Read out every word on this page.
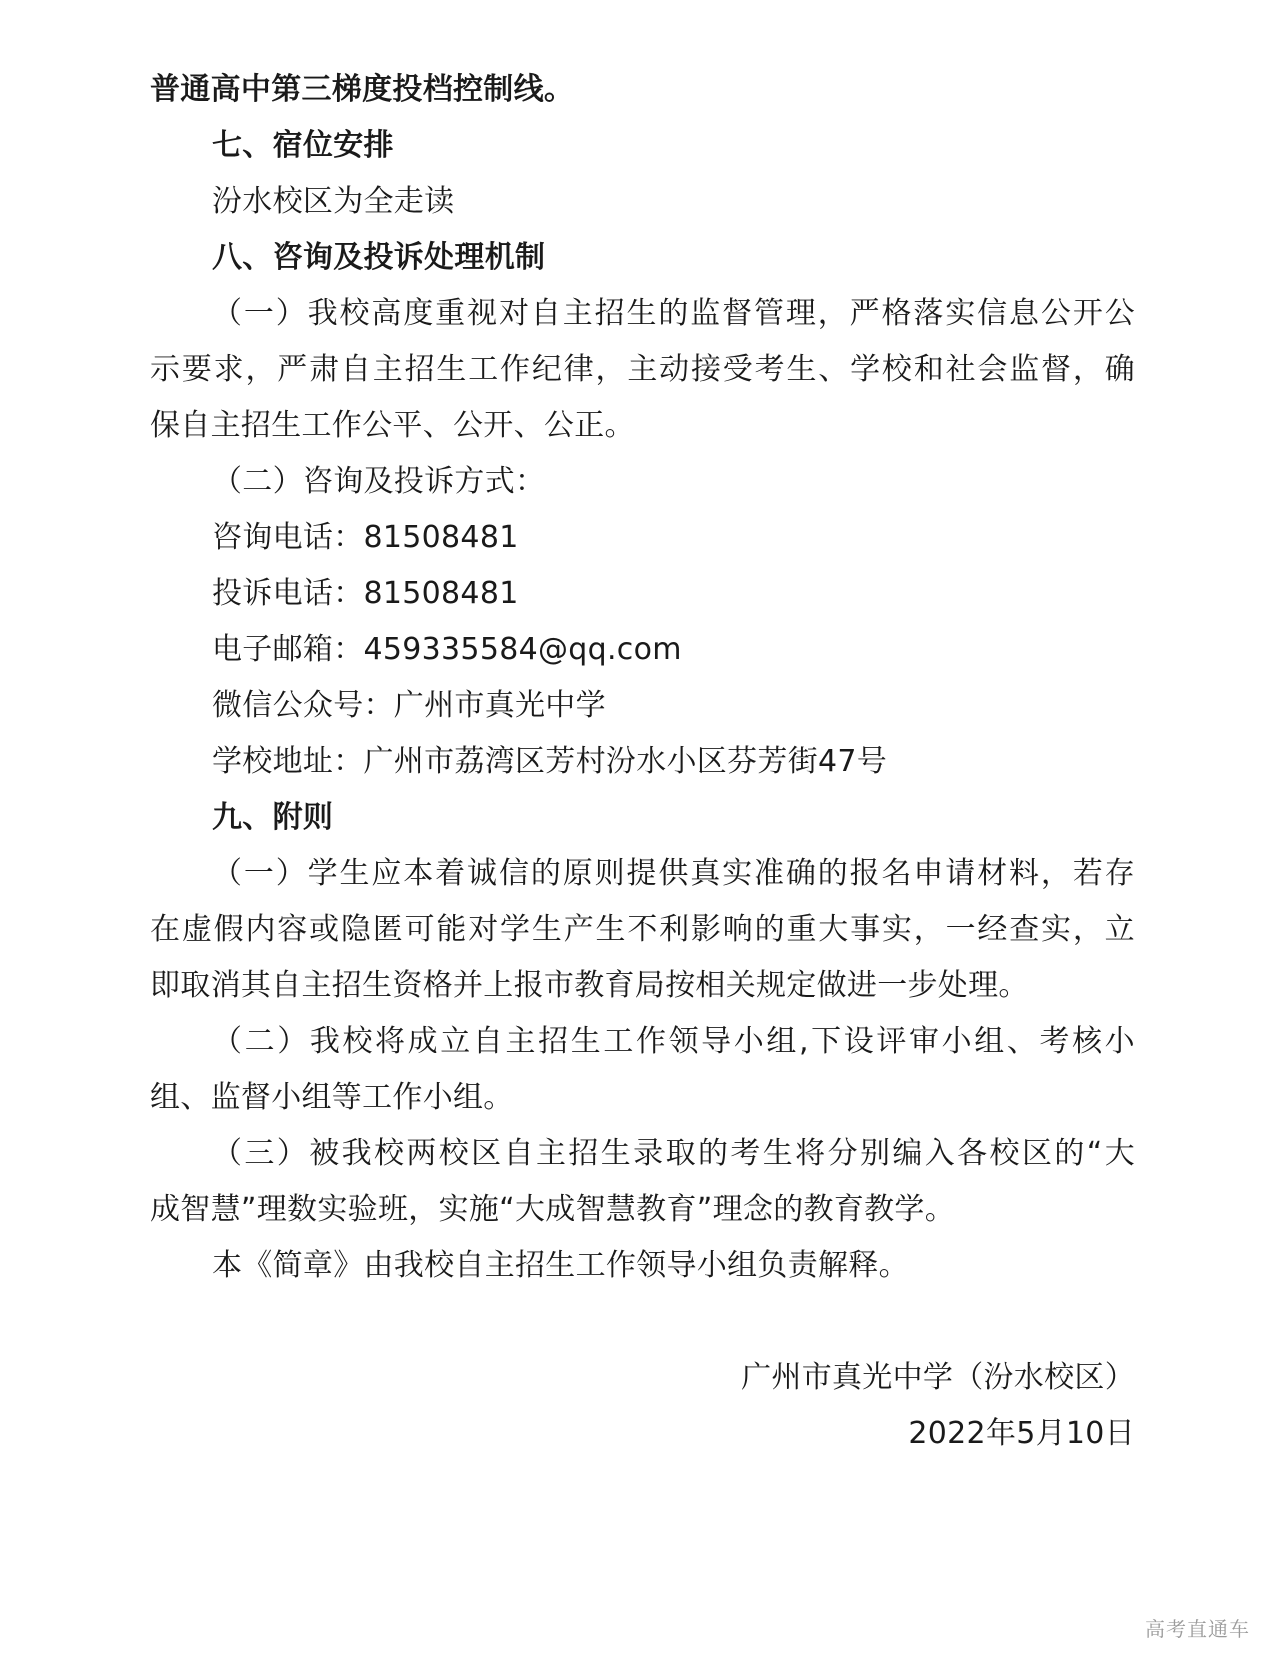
普通高中第三梯度投档控制线。
七、宿位安排
汾水校区为全走读
八、咨询及投诉处理机制
（一）我校高度重视对自主招生的监督管理，严格落实信息公开公
示要求，严肃自主招生工作纪律，主动接受考生、学校和社会监督，确
保自主招生工作公平、公开、公正。
（二）咨询及投诉方式：
咨询电话：81508481
投诉电话：81508481
电子邮箱：459335584@qq.com
微信公众号：广州市真光中学
学校地址：广州市荔湾区芳村汾水小区芬芳街47号
九、附则
（一）学生应本着诚信的原则提供真实准确的报名申请材料，若存
在虚假内容或隐匿可能对学生产生不利影响的重大事实，一经查实，立
即取消其自主招生资格并上报市教育局按相关规定做进一步处理。
（二）我校将成立自主招生工作领导小组,下设评审小组、考核小
组、监督小组等工作小组。
（三）被我校两校区自主招生录取的考生将分别编入各校区的“大
成智慧”理数实验班，实施“大成智慧教育”理念的教育教学。
本《简章》由我校自主招生工作领导小组负责解释。
广州市真光中学（汾水校区）
2022年5月10日
高考直通车
